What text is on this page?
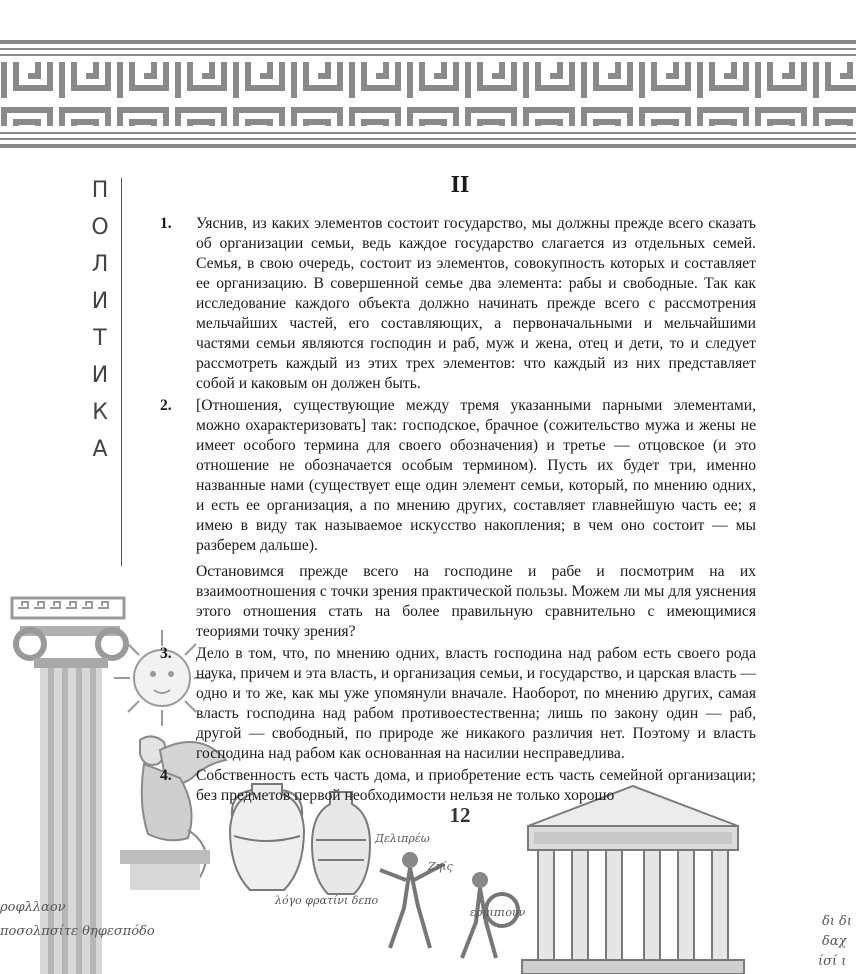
П
О
Л
И
Т
И
К
А
II
ροφλλαον
ποσολπσίτε θηφεσπόδο
δι δι
δαχ
ίσί ι
Дελιπρέω
Ζηίς
λόγο φρατίνι δεπο
ερμιπιουν
1. Уяснив, из каких элементов состоит государство, мы должны прежде всего сказать об организации семьи, ведь каждое государство слагается из отдельных семей. Семья, в свою очередь, состоит из элементов, совокупность которых и составляет ее организацию. В совершенной семье два элемента: рабы и свободные. Так как исследование каждого объекта должно начинать прежде всего с рассмотрения мельчайших частей, его составляющих, а первоначальными и мельчайшими частями семьи являются господин и раб, муж и жена, отец и дети, то и следует рассмотреть каждый из этих трех элементов: что каждый из них представляет собой и каковым он должен быть.
2. [Отношения, существующие между тремя указанными парными элементами, можно охарактеризовать] так: господское, брачное (сожительство мужа и жены не имеет особого термина для своего обозначения) и третье — отцовское (и это отношение не обозначается особым термином). Пусть их будет три, именно названные нами (существует еще один элемент семьи, который, по мнению одних, и есть ее организация, а по мнению других, составляет главнейшую часть ее; я имею в виду так называемое искусство накопления; в чем оно состоит — мы разберем дальше).
Остановимся прежде всего на господине и рабе и посмотрим на их взаимоотношения с точки зрения практической пользы. Можем ли мы для уяснения этого отношения стать на более правильную сравнительно с имеющимися теориями точку зрения?
3. Дело в том, что, по мнению одних, власть господина над рабом есть своего рода наука, причем и эта власть, и организация семьи, и государство, и царская власть — одно и то же, как мы уже упомянули вначале. Наоборот, по мнению других, самая власть господина над рабом противоестественна; лишь по закону один — раб, другой — свободный, по природе же никакого различия нет. Поэтому и власть господина над рабом как основанная на насилии несправедлива.
4. Собственность есть часть дома, и приобретение есть часть семейной организации; без предметов первой необходимости нельзя не только хорошо
12
